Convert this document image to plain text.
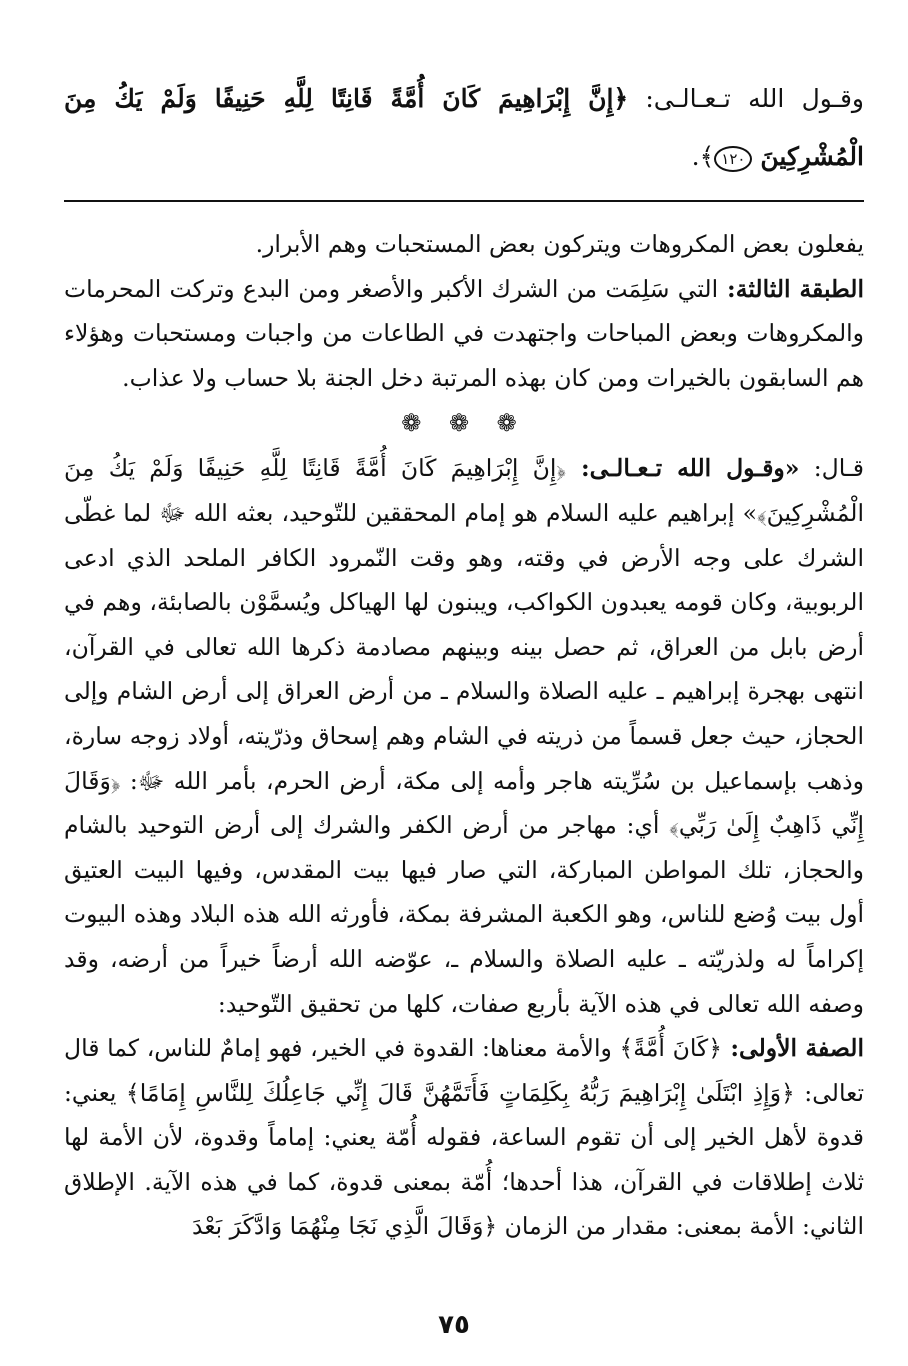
وقـول الله تـعـالـى: ﴿إِنَّ إِبْرَاهِيمَ كَانَ أُمَّةً قَانِتًا لِلَّهِ حَنِيفًا وَلَمْ يَكُ مِنَ الْمُشْرِكِينَ ١٢٠﴾.

يفعلون بعض المكروهات ويتركون بعض المستحبات وهم الأبرار.

الطبقة الثالثة: التي سَلِمَت من الشرك الأكبر والأصغر ومن البدع وتركت المحرمات والمكروهات وبعض المباحات واجتهدت في الطاعات من واجبات ومستحبات وهؤلاء هم السابقون بالخيرات ومن كان بهذه المرتبة دخل الجنة بلا حساب ولا عذاب.

❁ ❁ ❁

قـال: «وقـول الله تـعـالـى: ﴿إِنَّ إِبْرَاهِيمَ كَانَ أُمَّةً قَانِتًا لِلَّهِ حَنِيفًا وَلَمْ يَكُ مِنَ الْمُشْرِكِينَ﴾» إبراهيم عليه السلام هو إمام المحققين للتّوحيد، بعثه الله ﷻ لما غطّى الشرك على وجه الأرض في وقته، وهو وقت النّمرود الكافر الملحد الذي ادعى الربوبية، وكان قومه يعبدون الكواكب، ويبنون لها الهياكل ويُسمَّوْن بالصابئة، وهم في أرض بابل من العراق، ثم حصل بينه وبينهم مصادمة ذكرها الله تعالى في القرآن، انتهى بهجرة إبراهيم ـ عليه الصلاة والسلام ـ من أرض العراق إلى أرض الشام وإلى الحجاز، حيث جعل قسماً من ذريته في الشام وهم إسحاق وذرّيته، أولاد زوجه سارة، وذهب بإسماعيل بن سُرِّيته هاجر وأمه إلى مكة، أرض الحرم، بأمر الله ﷻ: ﴿وَقَالَ إِنِّي ذَاهِبٌ إِلَىٰ رَبِّي﴾ أي: مهاجر من أرض الكفر والشرك إلى أرض التوحيد بالشام والحجاز، تلك المواطن المباركة، التي صار فيها بيت المقدس، وفيها البيت العتيق أول بيت وُضع للناس، وهو الكعبة المشرفة بمكة، فأورثه الله هذه البلاد وهذه البيوت إكراماً له ولذريّته ـ عليه الصلاة والسلام ـ، عوّضه الله أرضاً خيراً من أرضه، وقد وصفه الله تعالى في هذه الآية بأربع صفات، كلها من تحقيق التّوحيد:

الصفة الأولى: ﴿كَانَ أُمَّةً﴾ والأمة معناها: القدوة في الخير، فهو إمامٌ للناس، كما قال تعالى: ﴿وَإِذِ ابْتَلَىٰ إِبْرَاهِيمَ رَبُّهُ بِكَلِمَاتٍ فَأَتَمَّهُنَّ قَالَ إِنِّي جَاعِلُكَ لِلنَّاسِ إِمَامًا﴾ يعني: قدوة لأهل الخير إلى أن تقوم الساعة، فقوله أُمّة يعني: إماماً وقدوة، لأن الأمة لها ثلاث إطلاقات في القرآن، هذا أحدها؛ أُمّة بمعنى قدوة، كما في هذه الآية. الإطلاق الثاني: الأمة بمعنى: مقدار من الزمان ﴿وَقَالَ الَّذِي نَجَا مِنْهُمَا وَادَّكَرَ بَعْدَ

٧٥
